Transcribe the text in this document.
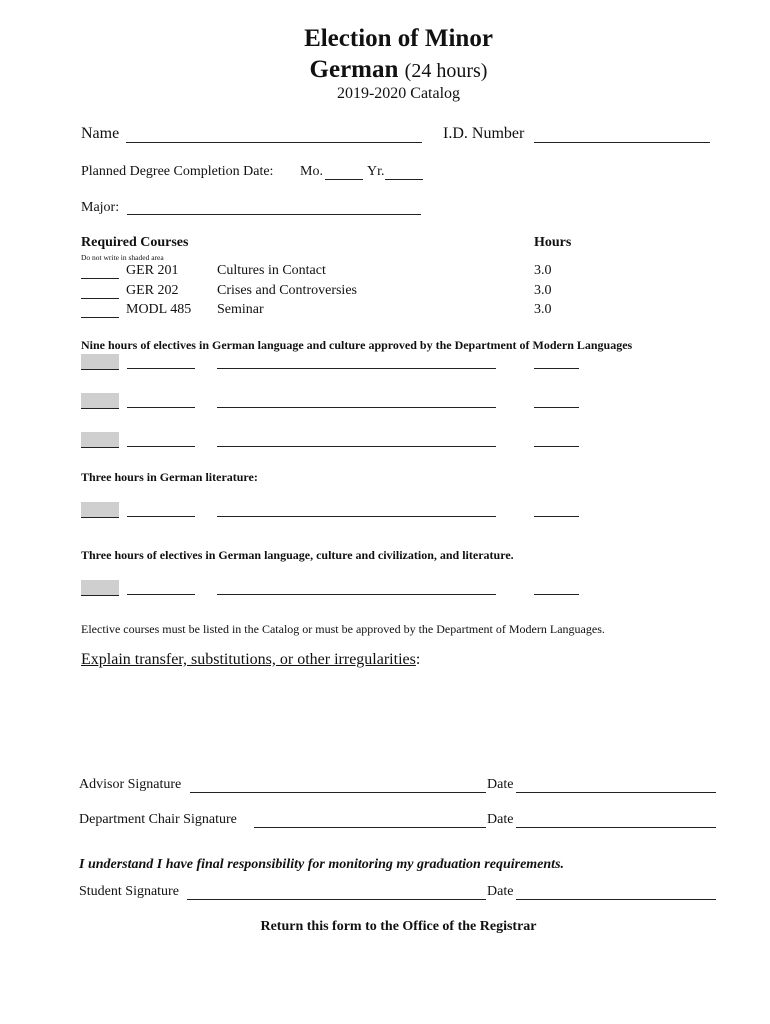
Election of Minor
German (24 hours)
2019-2020 Catalog
Name	I.D. Number
Planned Degree Completion Date: Mo.	Yr.
Major:
Required Courses
Do not write in shaded area
Hours
GER 201	Cultures in Contact	3.0
GER 202	Crises and Controversies	3.0
MODL 485 Seminar	3.0
Nine hours of electives in German language and culture approved by the Department of Modern Languages
Three hours in German literature:
Three hours of electives in German language, culture and civilization, and literature.
Elective courses must be listed in the Catalog or must be approved by the Department of Modern Languages.
Explain transfer, substitutions, or other irregularities:
Advisor Signature	Date
Department Chair Signature	Date
I understand I have final responsibility for monitoring my graduation requirements.
Student Signature	Date
Return this form to the Office of the Registrar
